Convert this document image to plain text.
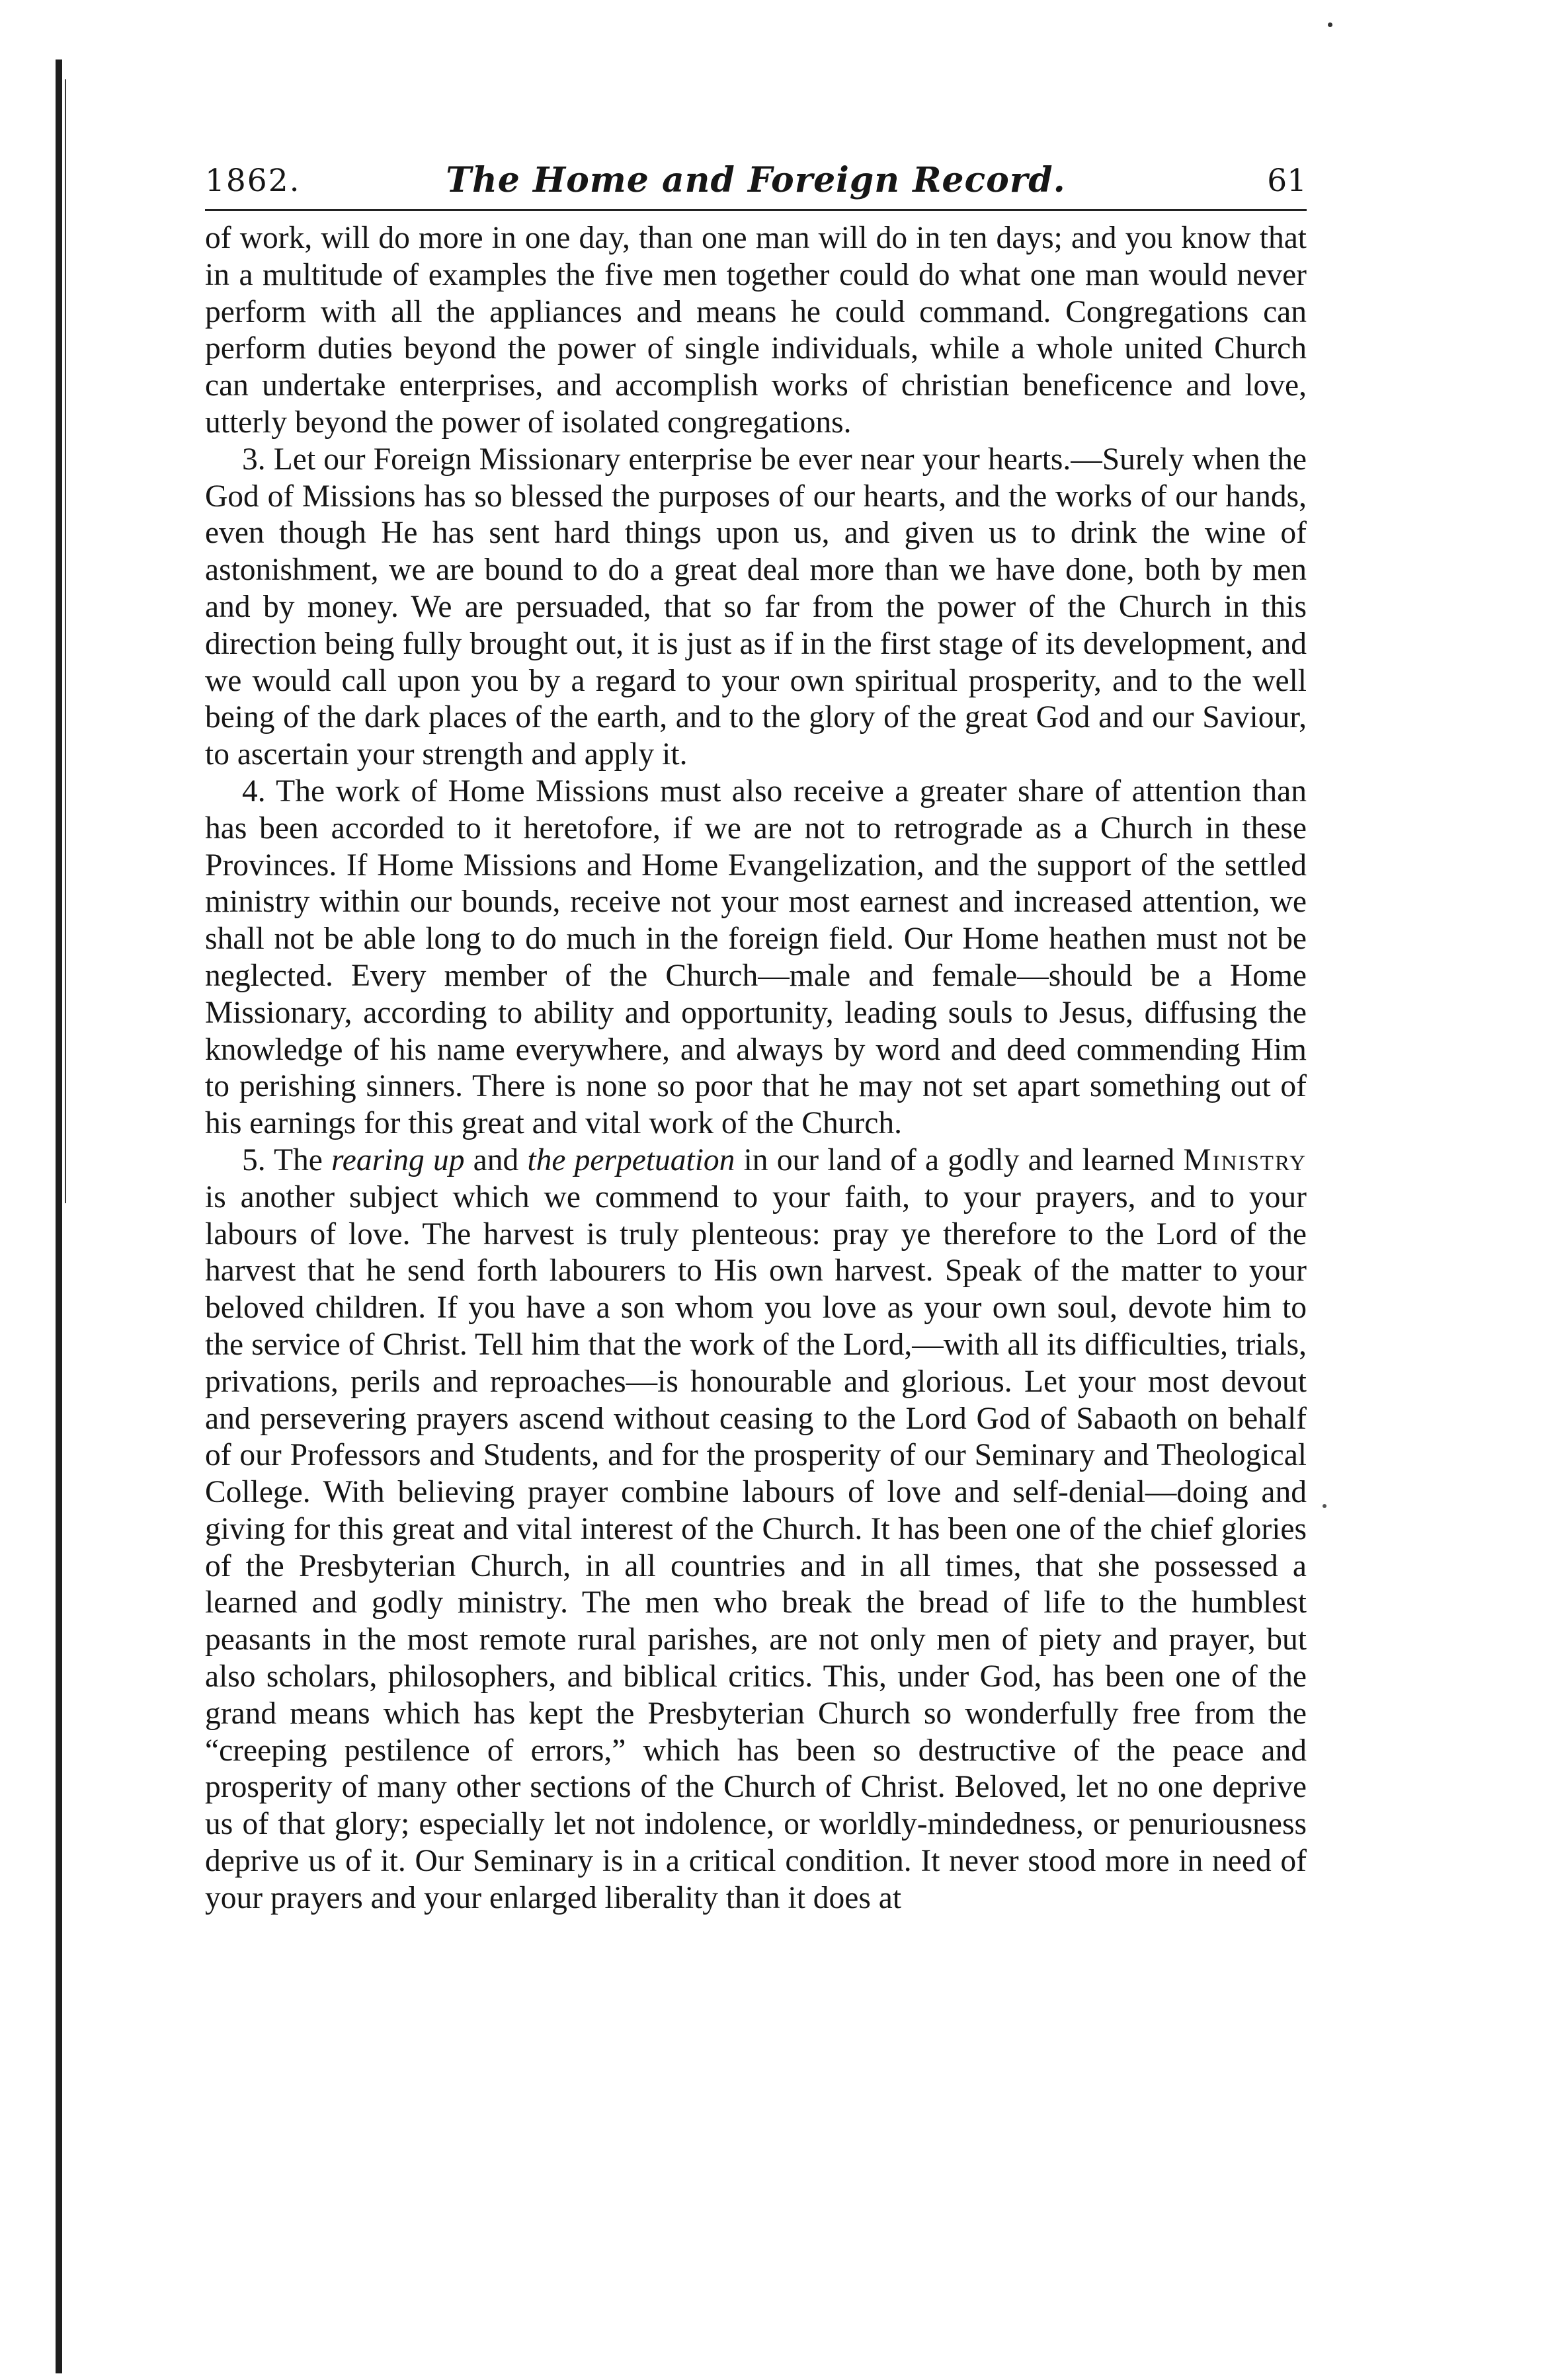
1862.	The Home and Foreign Record.	61

of work, will do more in one day, than one man will do in ten days; and you know that in a multitude of examples the five men together could do what one man would never perform with all the appliances and means he could command. Congregations can perform duties beyond the power of single individuals, while a whole united Church can undertake enterprises, and accomplish works of christian beneficence and love, utterly beyond the power of isolated congregations.

3. Let our Foreign Missionary enterprise be ever near your hearts.—Surely when the God of Missions has so blessed the purposes of our hearts, and the works of our hands, even though He has sent hard things upon us, and given us to drink the wine of astonishment, we are bound to do a great deal more than we have done, both by men and by money. We are persuaded, that so far from the power of the Church in this direction being fully brought out, it is just as if in the first stage of its development, and we would call upon you by a regard to your own spiritual prosperity, and to the well being of the dark places of the earth, and to the glory of the great God and our Saviour, to ascertain your strength and apply it.

4. The work of Home Missions must also receive a greater share of attention than has been accorded to it heretofore, if we are not to retrograde as a Church in these Provinces. If Home Missions and Home Evangelization, and the support of the settled ministry within our bounds, receive not your most earnest and increased attention, we shall not be able long to do much in the foreign field. Our Home heathen must not be neglected. Every member of the Church—male and female—should be a Home Missionary, according to ability and opportunity, leading souls to Jesus, diffusing the knowledge of his name everywhere, and always by word and deed commending Him to perishing sinners. There is none so poor that he may not set apart something out of his earnings for this great and vital work of the Church.

5. The rearing up and the perpetuation in our land of a godly and learned Ministry is another subject which we commend to your faith, to your prayers, and to your labours of love. The harvest is truly plenteous: pray ye therefore to the Lord of the harvest that he send forth labourers to His own harvest. Speak of the matter to your beloved children. If you have a son whom you love as your own soul, devote him to the service of Christ. Tell him that the work of the Lord,—with all its difficulties, trials, privations, perils and reproaches—is honourable and glorious. Let your most devout and persevering prayers ascend without ceasing to the Lord God of Sabaoth on behalf of our Professors and Students, and for the prosperity of our Seminary and Theological College. With believing prayer combine labours of love and self-denial—doing and giving for this great and vital interest of the Church. It has been one of the chief glories of the Presbyterian Church, in all countries and in all times, that she possessed a learned and godly ministry. The men who break the bread of life to the humblest peasants in the most remote rural parishes, are not only men of piety and prayer, but also scholars, philosophers, and biblical critics. This, under God, has been one of the grand means which has kept the Presbyterian Church so wonderfully free from the “creeping pestilence of errors,” which has been so destructive of the peace and prosperity of many other sections of the Church of Christ. Beloved, let no one deprive us of that glory; especially let not indolence, or worldly-mindedness, or penuriousness deprive us of it. Our Seminary is in a critical condition. It never stood more in need of your prayers and your enlarged liberality than it does at
